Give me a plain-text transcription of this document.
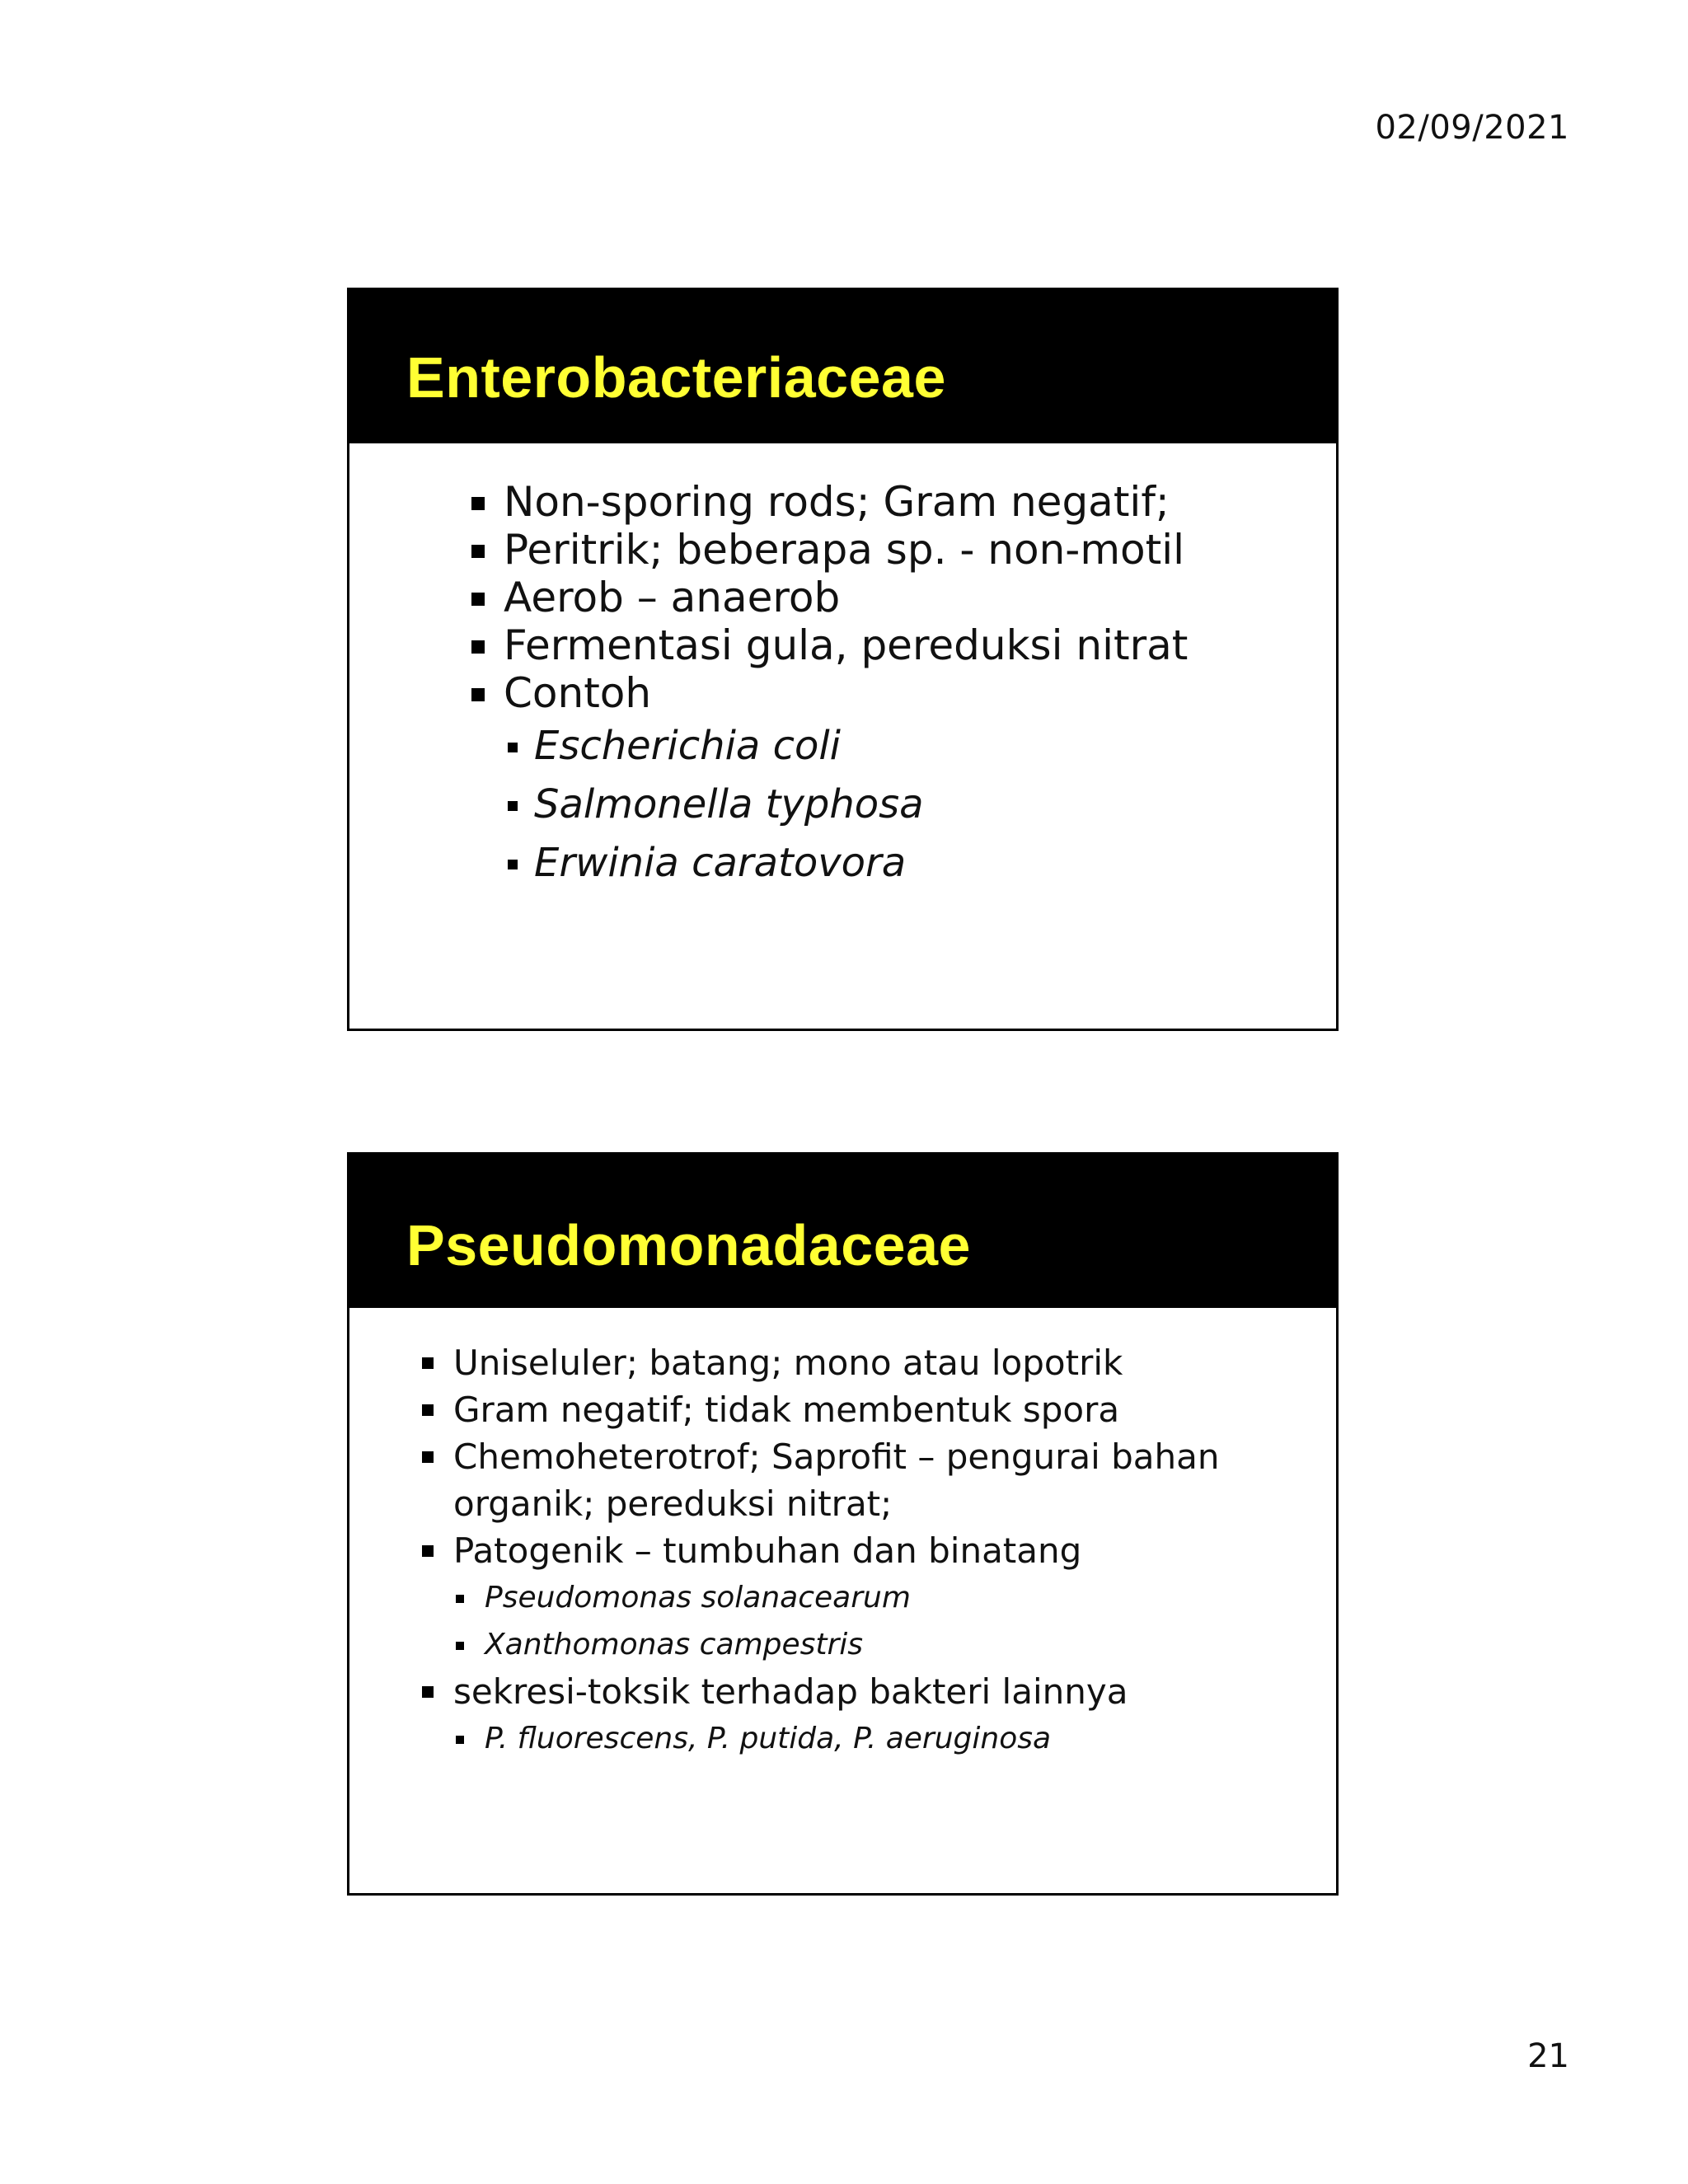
02/09/2021
Enterobacteriaceae
Non-sporing rods; Gram negatif;
Peritrik; beberapa sp. - non-motil
Aerob – anaerob
Fermentasi gula, pereduksi nitrat
Contoh
Escherichia coli
Salmonella typhosa
Erwinia caratovora
Pseudomonadaceae
Uniseluler; batang; mono atau lopotrik
Gram negatif; tidak membentuk spora
Chemoheterotrof; Saprofit – pengurai bahan
organik; pereduksi nitrat;
Patogenik – tumbuhan dan binatang
Pseudomonas solanacearum
Xanthomonas campestris
sekresi-toksik terhadap bakteri lainnya
P. fluorescens, P. putida, P. aeruginosa
21
